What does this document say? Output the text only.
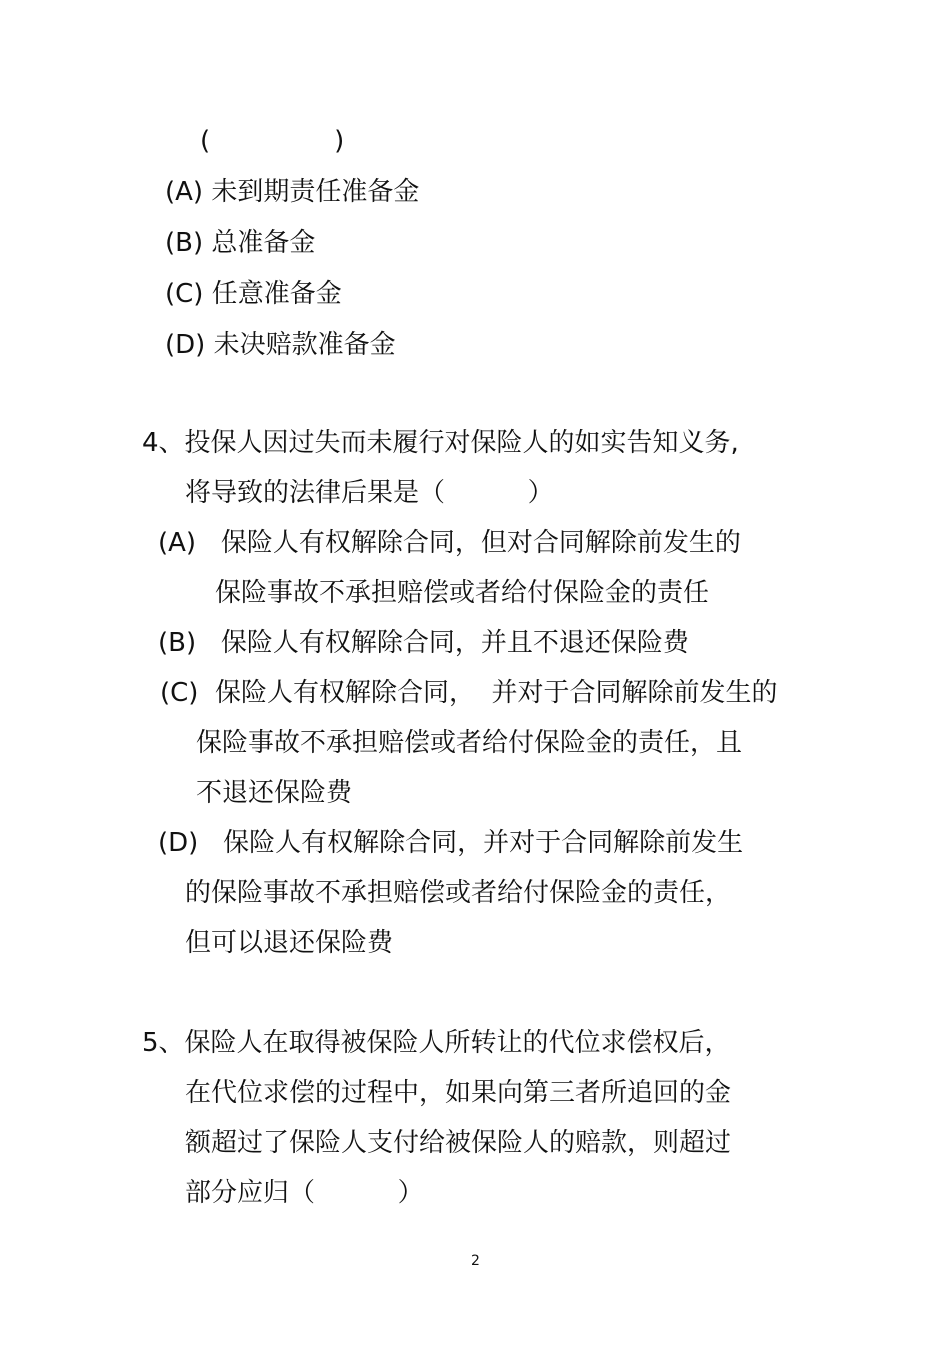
(               )
(A) 未到期责任准备金
(B) 总准备金
(C) 任意准备金
(D) 未决赔款准备金
4、投保人因过失而未履行对保险人的如实告知义务,
将导致的法律后果是（          ）
(A)   保险人有权解除合同，但对合同解除前发生的
保险事故不承担赔偿或者给付保险金的责任
(B)   保险人有权解除合同，并且不退还保险费
(C)  保险人有权解除合同，  并对于合同解除前发生的
保险事故不承担赔偿或者给付保险金的责任，且
不退还保险费
(D)   保险人有权解除合同，并对于合同解除前发生
的保险事故不承担赔偿或者给付保险金的责任，
但可以退还保险费
5、保险人在取得被保险人所转让的代位求偿权后，
在代位求偿的过程中，如果向第三者所追回的金
额超过了保险人支付给被保险人的赔款，则超过
部分应归（          ）
2
